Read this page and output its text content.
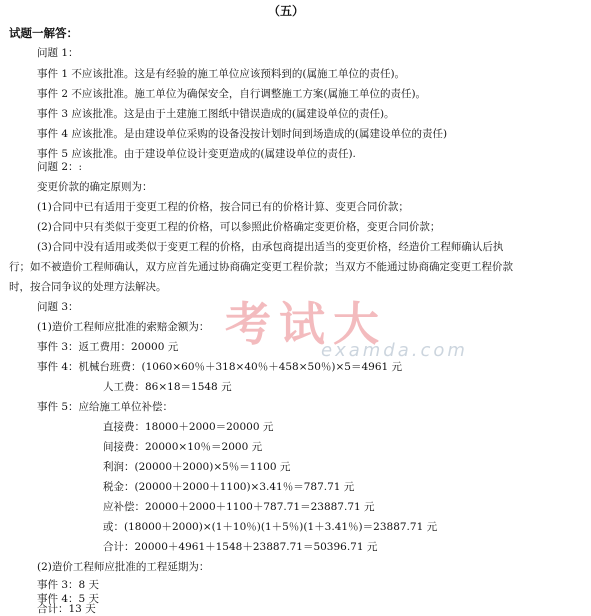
（五）
试题一解答：
问题 1：
事件 1 不应该批准。这是有经验的施工单位应该预料到的(属施工单位的责任)。
事件 2 不应该批准。施工单位为确保安全，自行调整施工方案(属施工单位的责任)。
事件 3 应该批准。这是由于土建施工图纸中错误造成的(属建设单位的责任)。
事件 4 应该批准。是由建设单位采购的设备没按计划时间到场造成的(属建设单位的责任)
事件 5 应该批准。由于建设单位设计变更造成的(属建设单位的责任).
问题 2：:
变更价款的确定原则为：
(1)合同中已有适用于变更工程的价格，按合同已有的价格计算、变更合同价款；
(2)合同中只有类似于变更工程的价格，可以参照此价格确定变更价格，变更合同价款；
(3)合同中没有适用或类似于变更工程的价格，由承包商提出适当的变更价格，经造价工程师确认后执
行；如不被造价工程师确认，双方应首先通过协商确定变更工程价款；当双方不能通过协商确定变更工程价款
时，按合同争议的处理方法解决。
问题 3：
(1)造价工程师应批准的索赔金额为：
事件 3：返工费用：20000 元
事件 4：机械台班费：(1060×60％＋318×40％＋458×50％)×5＝4961 元
人工费：86×18＝1548 元
事件 5：应给施工单位补偿：
直接费：18000＋2000＝20000 元
间接费：20000×10％＝2000 元
利润：(20000＋2000)×5％＝1100 元
税金：(20000＋2000＋1100)×3.41％＝787.71 元
应补偿：20000＋2000＋1100＋787.71＝23887.71 元
或：(18000＋2000)×(1＋10％)(1＋5％)(1＋3.41％)＝23887.71 元
合计：20000＋4961＋1548＋23887.71＝50396.71 元
(2)造价工程师应批准的工程延期为：
事件 3：8 天
事件 4：5 天
合计：13 天
考试大
examda.com
